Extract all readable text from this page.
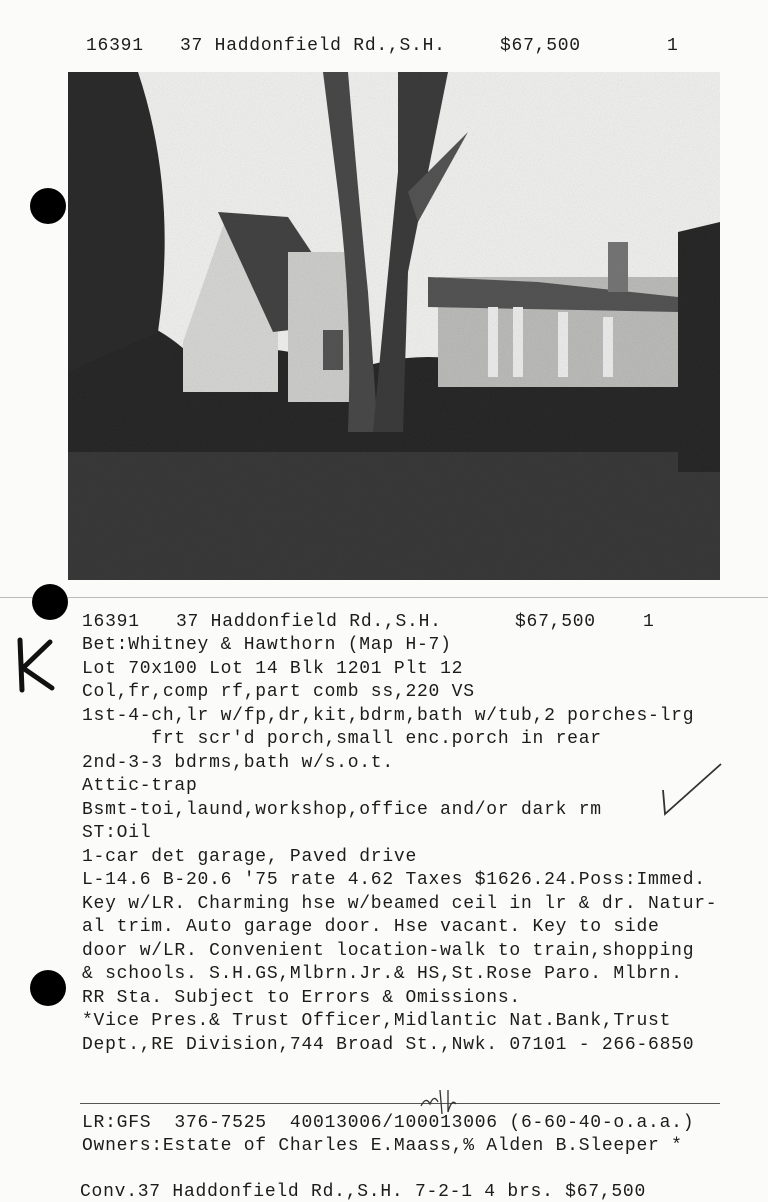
16391 37 Haddonfield Rd.,S.H.	$67,500	1
16391 37 Haddonfield Rd.,S.H.	$67,500	1
Bet:Whitney & Hawthorn (Map H-7)
Lot 70x100 Lot 14 Blk 1201 Plt 12
Col,fr,comp rf,part comb ss,220 VS
1st-4-ch,lr w/fp,dr,kit,bdrm,bath w/tub,2 porches-lrg
frt scr'd porch,small enc.porch in rear
2nd-3-3 bdrms,bath w/s.o.t.
Attic-trap
Bsmt-toi,laund,workshop,office and/or dark rm
ST:Oil
1-car det garage, Paved drive
L-14.6 B-20.6 '75 rate 4.62 Taxes $1626.24.Poss:Immed.
Key w/LR. Charming hse w/beamed ceil in lr & dr. Natur-
al trim. Auto garage door. Hse vacant. Key to side
door w/LR. Convenient location-walk to train,shopping
& schools. S.H.GS,Mlbrn.Jr.& HS,St.Rose Paro. Mlbrn.
RR Sta. Subject to Errors & Omissions.
*Vice Pres.& Trust Officer,Midlantic Nat.Bank,Trust
Dept.,RE Division,744 Broad St.,Nwk. 07101 - 266-6850
LR:GFS  376-7525  40013006/100013006 (6-60-40-o.a.a.)
Owners:Estate of Charles E.Maass,% Alden B.Sleeper *
Conv.37 Haddonfield Rd.,S.H. 7-2-1 4 brs. $67,500
